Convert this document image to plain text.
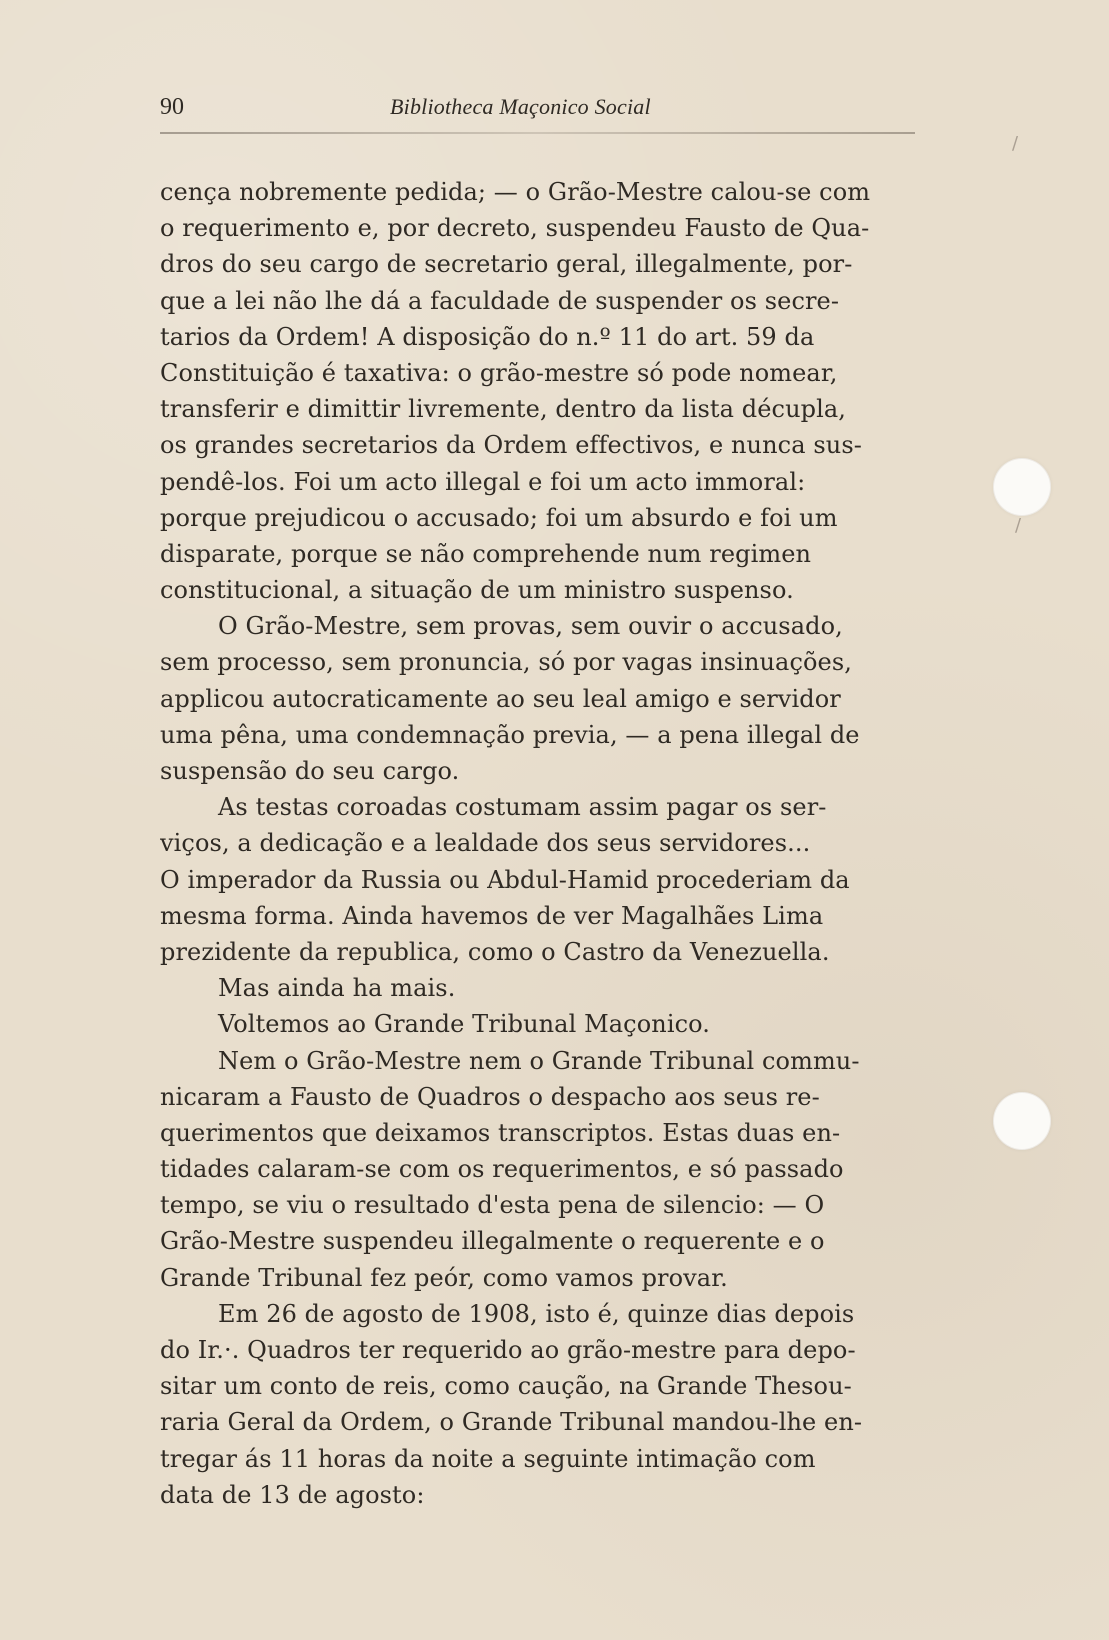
90	Bibliotheca Maçonico Social
cença nobremente pedida; — o Grão-Mestre calou-se com
o requerimento e, por decreto, suspendeu Fausto de Qua-
dros do seu cargo de secretario geral, illegalmente, por-
que a lei não lhe dá a faculdade de suspender os secre-
tarios da Ordem! A disposição do n.º 11 do art. 59 da
Constituição é taxativa: o grão-mestre só pode nomear,
transferir e dimittir livremente, dentro da lista décupla,
os grandes secretarios da Ordem effectivos, e nunca sus-
pendê-los. Foi um acto illegal e foi um acto immoral:
porque prejudicou o accusado; foi um absurdo e foi um
disparate, porque se não comprehende num regimen
constitucional, a situação de um ministro suspenso.
O Grão-Mestre, sem provas, sem ouvir o accusado,
sem processo, sem pronuncia, só por vagas insinuações,
applicou autocraticamente ao seu leal amigo e servidor
uma pêna, uma condemnação previa, — a pena illegal de
suspensão do seu cargo.
As testas coroadas costumam assim pagar os ser-
viços, a dedicação e a lealdade dos seus servidores...
O imperador da Russia ou Abdul-Hamid procederiam da
mesma forma. Ainda havemos de ver Magalhães Lima
prezidente da republica, como o Castro da Venezuella.
Mas ainda ha mais.
Voltemos ao Grande Tribunal Maçonico.
Nem o Grão-Mestre nem o Grande Tribunal commu-
nicaram a Fausto de Quadros o despacho aos seus re-
querimentos que deixamos transcriptos. Estas duas en-
tidades calaram-se com os requerimentos, e só passado
tempo, se viu o resultado d'esta pena de silencio: — O
Grão-Mestre suspendeu illegalmente o requerente e o
Grande Tribunal fez peór, como vamos provar.
Em 26 de agosto de 1908, isto é, quinze dias depois
do Ir.·. Quadros ter requerido ao grão-mestre para depo-
sitar um conto de reis, como caução, na Grande Thesou-
raria Geral da Ordem, o Grande Tribunal mandou-lhe en-
tregar ás 11 horas da noite a seguinte intimação com
data de 13 de agosto:
/
/
